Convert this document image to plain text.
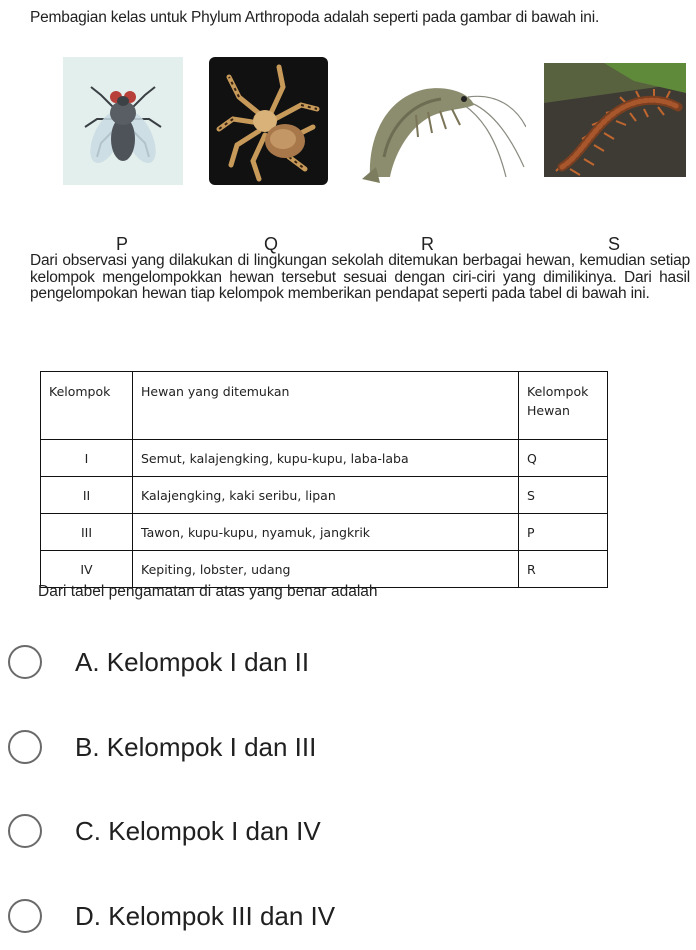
Pembagian kelas untuk Phylum Arthropoda adalah seperti pada gambar di bawah ini.
P	Q	R	S
Dari observasi yang dilakukan di lingkungan sekolah ditemukan berbagai hewan, kemudian setiap kelompok mengelompokkan hewan tersebut sesuai dengan ciri-ciri yang dimilikinya. Dari hasil pengelompokan hewan tiap kelompok memberikan pendapat seperti pada tabel di bawah ini.
Kelompok	Hewan yang ditemukan	Kelompok Hewan
I	Semut, kalajengking, kupu-kupu, laba-laba	Q
II	Kalajengking, kaki seribu, lipan	S
III	Tawon, kupu-kupu, nyamuk, jangkrik	P
IV	Kepiting, lobster, udang	R
Dari tabel pengamatan di atas yang benar adalah
A. Kelompok I dan II
B. Kelompok I dan III
C. Kelompok I dan IV
D. Kelompok III dan IV
